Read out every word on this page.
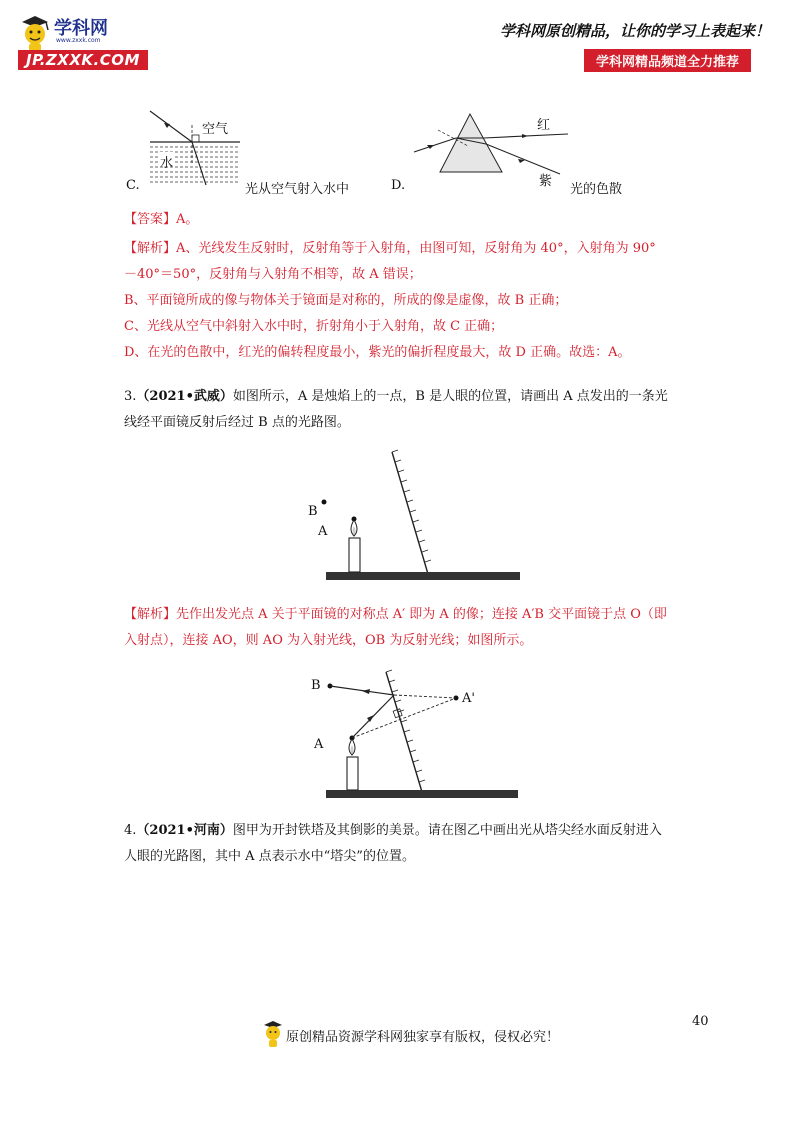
学科网
www.zxxk.com
JP.ZXXK.COM
学科网原创精品，让你的学习上表起来！
学科网精品频道全力推荐
空气
水
C.	光从空气射入水中
红
紫
D.	光的色散
【答案】A。
【解析】 A、光线发生反射时，反射角等于入射角，由图可知，反射角为 40°，入射角为 90°
－40°＝50°，反射角与入射角不相等，故 A 错误；
B、平面镜所成的像与物体关于镜面是对称的，所成的像是虚像，故 B 正确；
C、光线从空气中斜射入水中时，折射角小于入射角，故 C 正确；
D、在光的色散中，红光的偏转程度最小，紫光的偏折程度最大，故 D 正确。故选：A。
3.（2021•武威）如图所示，A 是烛焰上的一点，B 是人眼的位置，请画出 A 点发出的一条光
线经平面镜反射后经过 B 点的光路图。
B
A
【解析】先作出发光点 A 关于平面镜的对称点 A′ 即为 A 的像；连接 A′B 交平面镜于点 O（即
入射点），连接 AO，则 AO 为入射光线，OB 为反射光线；如图所示。
B
A'
A
4.（2021•河南）图甲为开封铁塔及其倒影的美景。请在图乙中画出光从塔尖经水面反射进入
人眼的光路图，其中 A 点表示水中“塔尖”的位置。
40
原创精品资源学科网独家享有版权，侵权必究！
